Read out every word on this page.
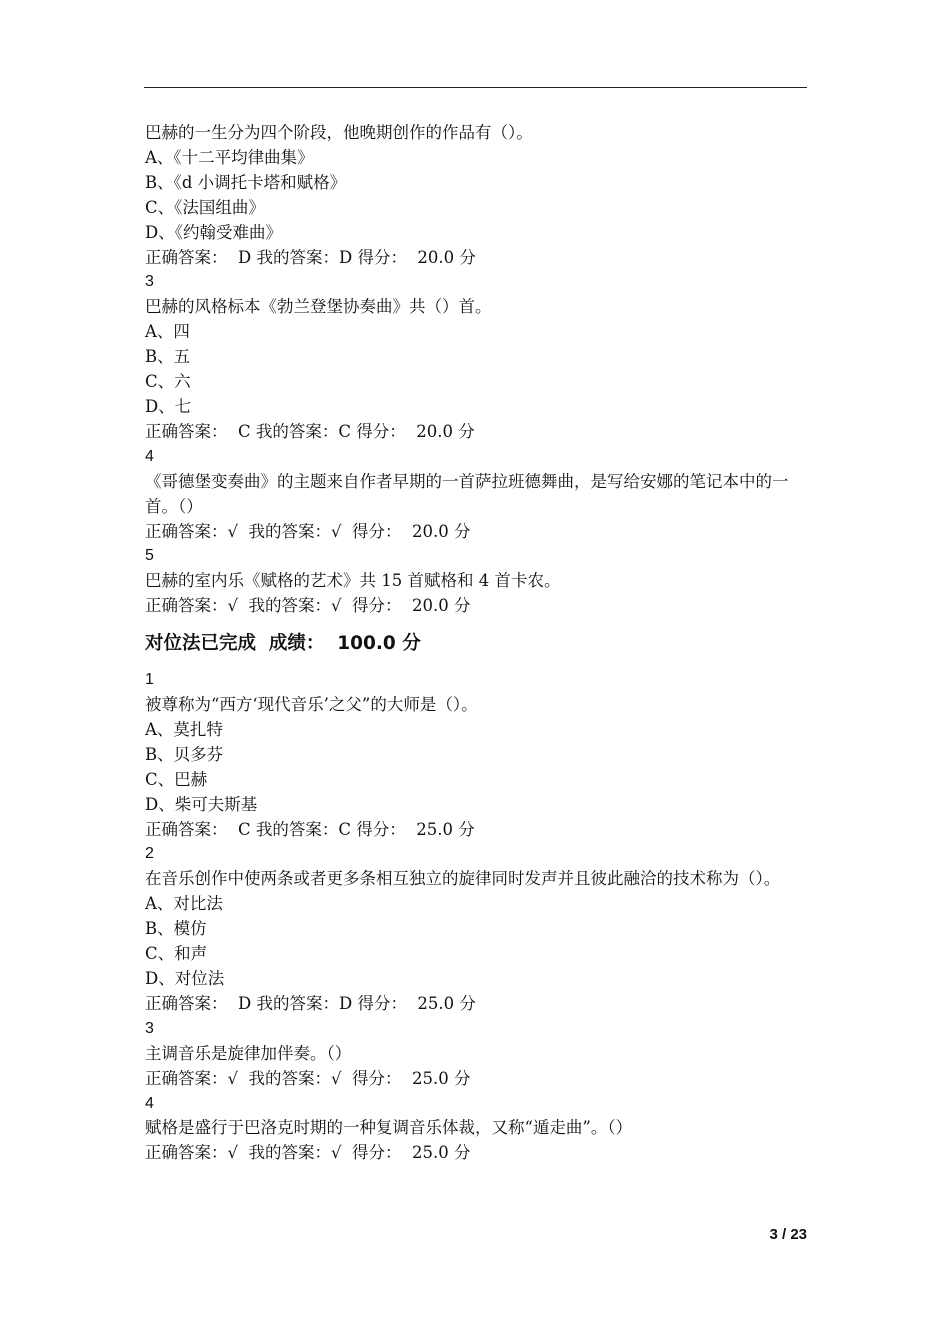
巴赫的一生分为四个阶段，他晚期创作的作品有（）。
A、《十二平均律曲集》
B、《d 小调托卡塔和赋格》
C、《法国组曲》
D、《约翰受难曲》
正确答案：  D 我的答案：D 得分：  20.0 分
3
巴赫的风格标本《勃兰登堡协奏曲》共（）首。
A、四
B、五
C、六
D、七
正确答案：  C 我的答案：C 得分：  20.0 分
4
《哥德堡变奏曲》的主题来自作者早期的一首萨拉班德舞曲，是写给安娜的笔记本中的一首。（）
正确答案：√  我的答案：√  得分：  20.0 分
5
巴赫的室内乐《赋格的艺术》共 15 首赋格和 4 首卡农。
正确答案：√  我的答案：√  得分：  20.0 分
对位法已完成  成绩：  100.0 分
1
被尊称为“西方‘现代音乐’之父”的大师是（）。
A、莫扎特
B、贝多芬
C、巴赫
D、柴可夫斯基
正确答案：  C 我的答案：C 得分：  25.0 分
2
在音乐创作中使两条或者更多条相互独立的旋律同时发声并且彼此融洽的技术称为（）。
A、对比法
B、模仿
C、和声
D、对位法
正确答案：  D 我的答案：D 得分：  25.0 分
3
主调音乐是旋律加伴奏。（）
正确答案：√  我的答案：√  得分：  25.0 分
4
赋格是盛行于巴洛克时期的一种复调音乐体裁，又称“遁走曲”。（）
正确答案：√  我的答案：√  得分：  25.0 分
3 / 23
